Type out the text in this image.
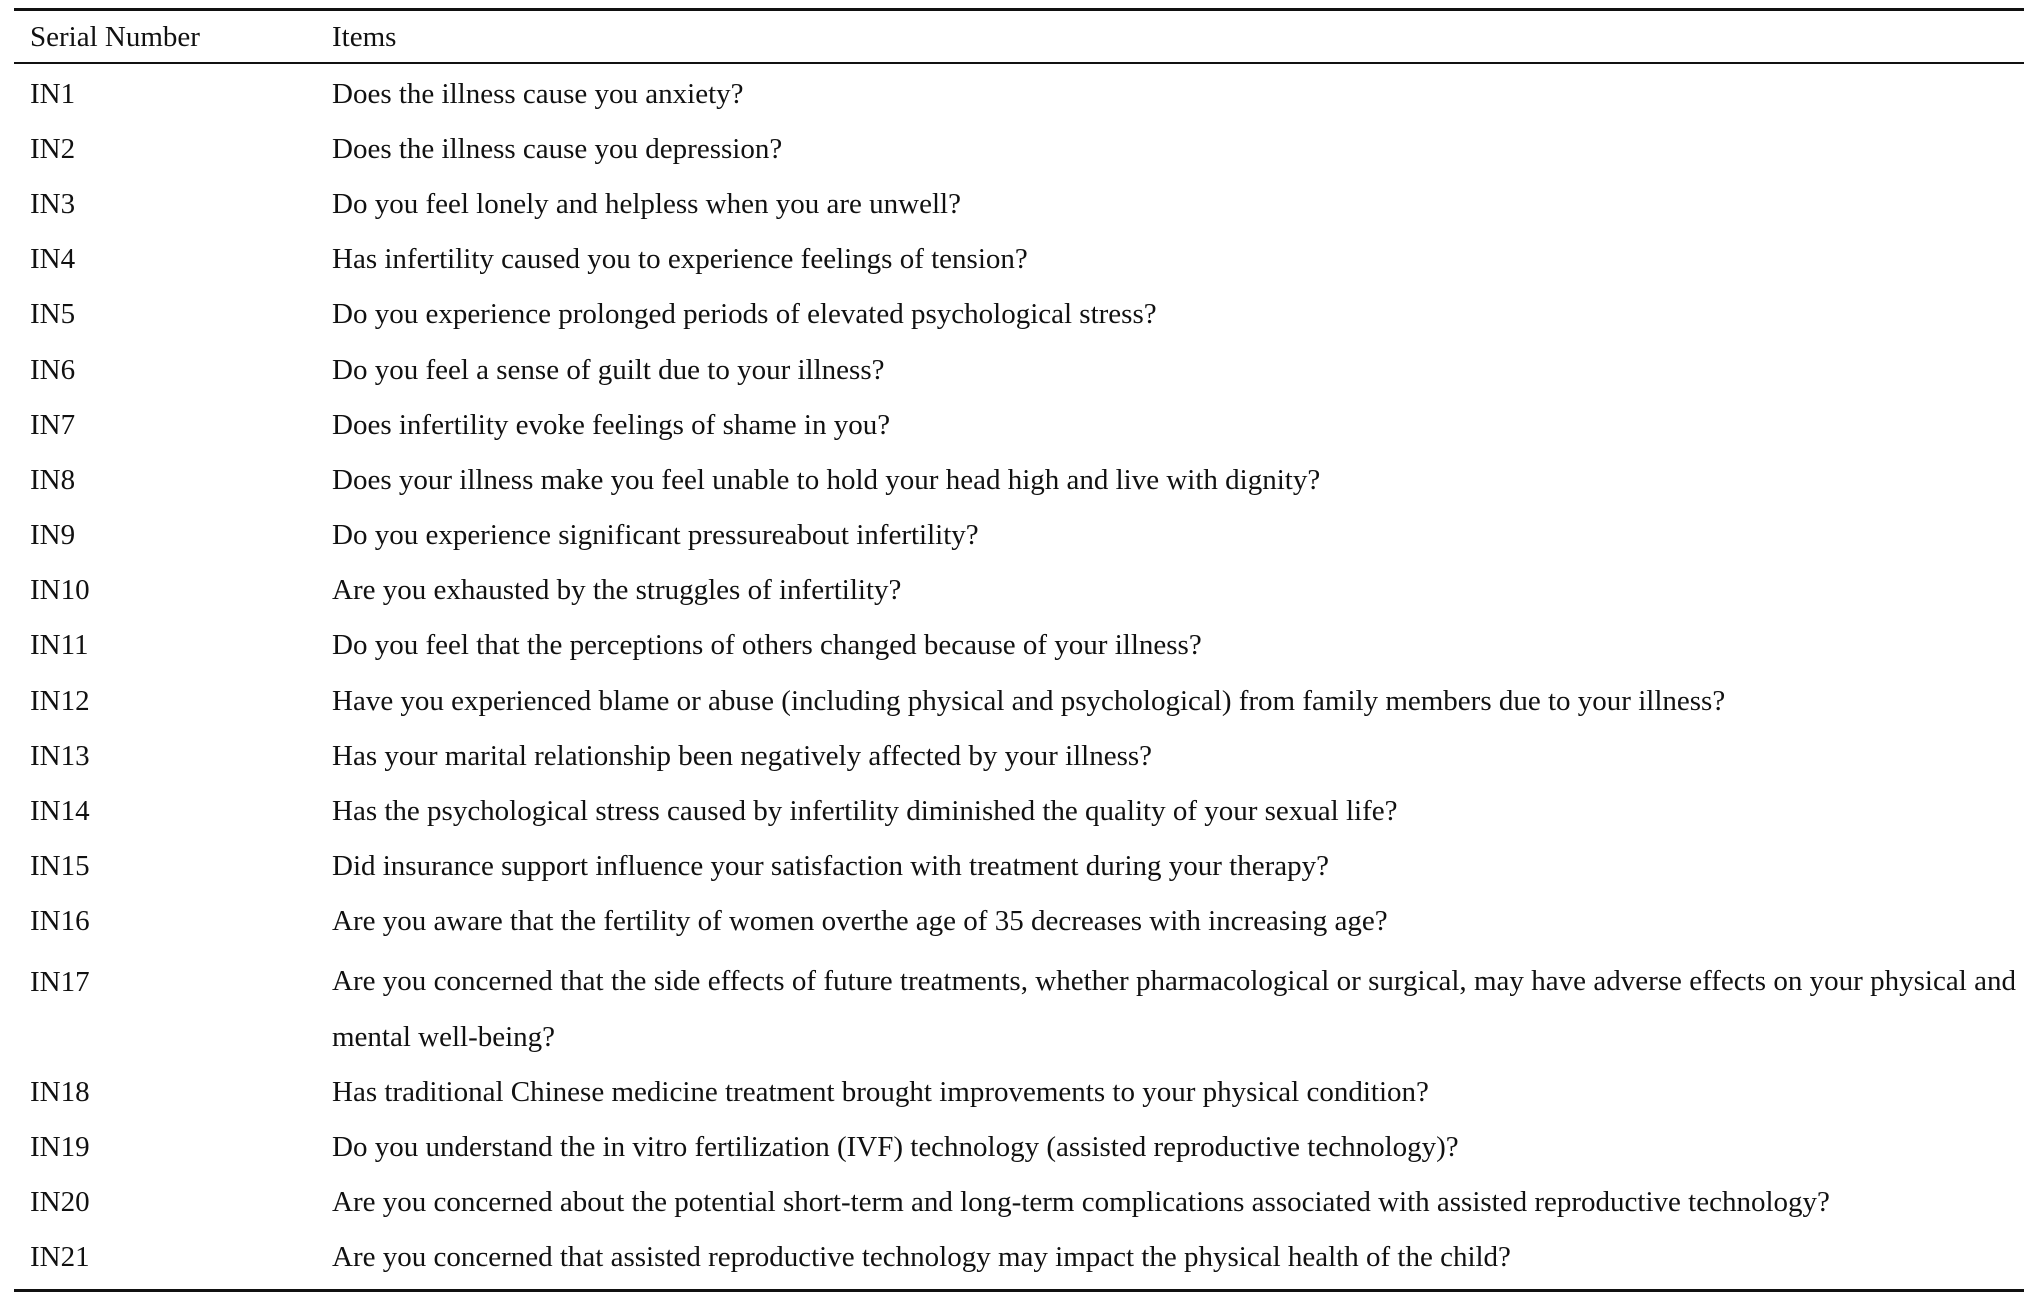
Serial Number	Items
IN1	Does the illness cause you anxiety?
IN2	Does the illness cause you depression?
IN3	Do you feel lonely and helpless when you are unwell?
IN4	Has infertility caused you to experience feelings of tension?
IN5	Do you experience prolonged periods of elevated psychological stress?
IN6	Do you feel a sense of guilt due to your illness?
IN7	Does infertility evoke feelings of shame in you?
IN8	Does your illness make you feel unable to hold your head high and live with dignity?
IN9	Do you experience significant pressureabout infertility?
IN10	Are you exhausted by the struggles of infertility?
IN11	Do you feel that the perceptions of others changed because of your illness?
IN12	Have you experienced blame or abuse (including physical and psychological) from family members due to your illness?
IN13	Has your marital relationship been negatively affected by your illness?
IN14	Has the psychological stress caused by infertility diminished the quality of your sexual life?
IN15	Did insurance support influence your satisfaction with treatment during your therapy?
IN16	Are you aware that the fertility of women overthe age of 35 decreases with increasing age?
IN17	Are you concerned that the side effects of future treatments, whether pharmacological or surgical, may have adverse effects on your physical and mental well-being?
IN18	Has traditional Chinese medicine treatment brought improvements to your physical condition?
IN19	Do you understand the in vitro fertilization (IVF) technology (assisted reproductive technology)?
IN20	Are you concerned about the potential short-term and long-term complications associated with assisted reproductive technology?
IN21	Are you concerned that assisted reproductive technology may impact the physical health of the child?
